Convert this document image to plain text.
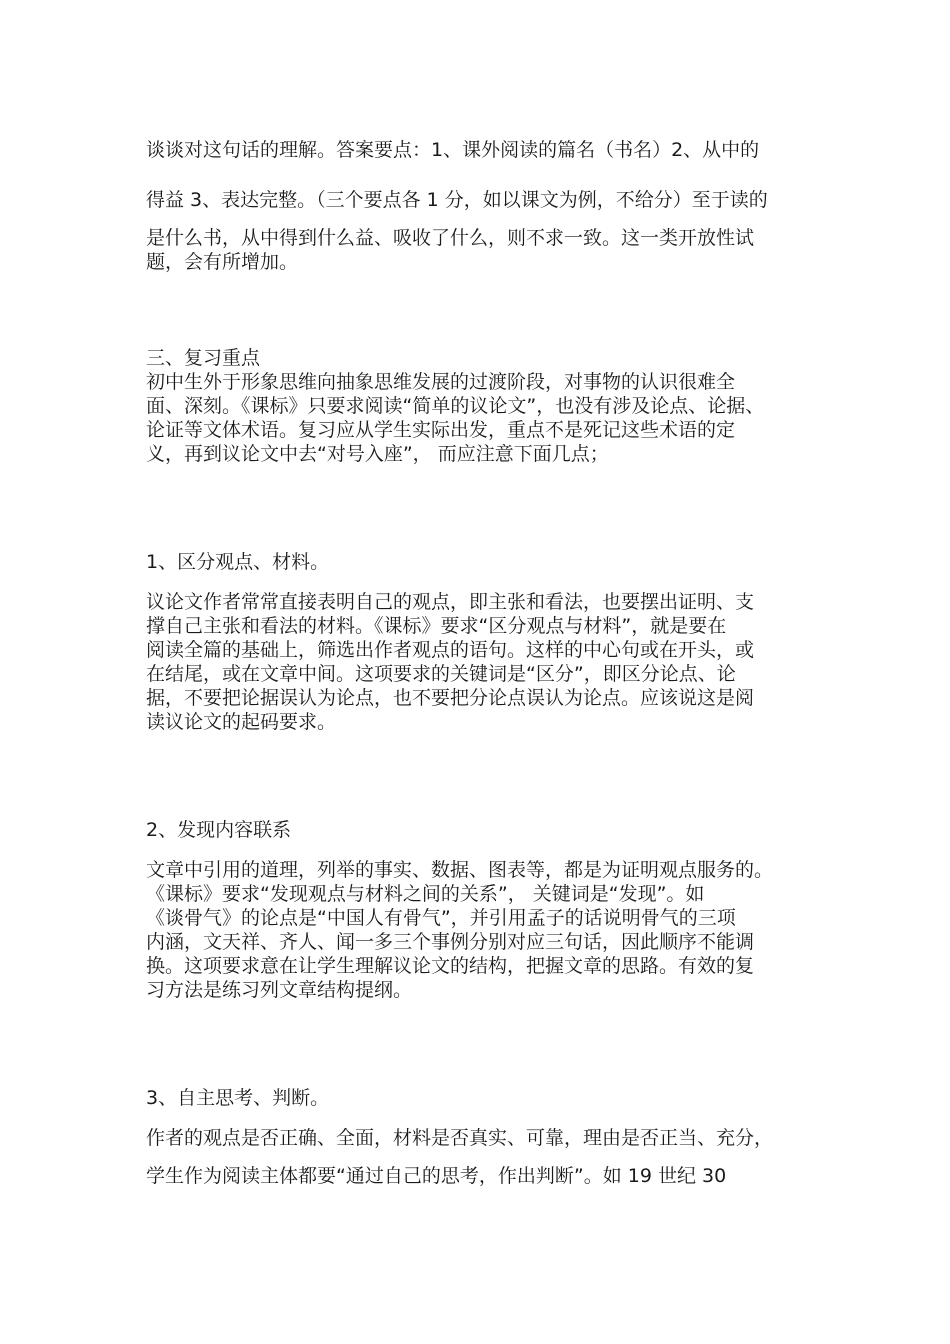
谈谈对这句话的理解。答案要点：1、课外阅读的篇名（书名）2、从中的
得益 3、表达完整。（三个要点各 1 分，如以课文为例，不给分）至于读的
是什么书，从中得到什么益、吸收了什么，则不求一致。这一类开放性试
题，会有所增加。
三、复习重点
初中生外于形象思维向抽象思维发展的过渡阶段，对事物的认识很难全
面、深刻。《课标》只要求阅读“简单的议论文”，也没有涉及论点、论据、
论证等文体术语。复习应从学生实际出发，重点不是死记这些术语的定
义，再到议论文中去“对号入座”， 而应注意下面几点；
1、区分观点、材料。
议论文作者常常直接表明自己的观点，即主张和看法，也要摆出证明、支
撑自己主张和看法的材料。《课标》要求“区分观点与材料”，就是要在
阅读全篇的基础上，筛选出作者观点的语句。这样的中心句或在开头，或
在结尾，或在文章中间。这项要求的关键词是“区分”，即区分论点、论
据，不要把论据误认为论点，也不要把分论点误认为论点。应该说这是阅
读议论文的起码要求。
2、发现内容联系
文章中引用的道理，列举的事实、数据、图表等，都是为证明观点服务的。
《课标》要求“发现观点与材料之间的关系”， 关键词是“发现”。如
《谈骨气》的论点是“中国人有骨气”，并引用孟子的话说明骨气的三项
内涵，文天祥、齐人、闻一多三个事例分别对应三句话，因此顺序不能调
换。这项要求意在让学生理解议论文的结构，把握文章的思路。有效的复
习方法是练习列文章结构提纲。
3、自主思考、判断。
作者的观点是否正确、全面，材料是否真实、可靠，理由是否正当、充分，
学生作为阅读主体都要“通过自己的思考，作出判断”。如 19 世纪 30
